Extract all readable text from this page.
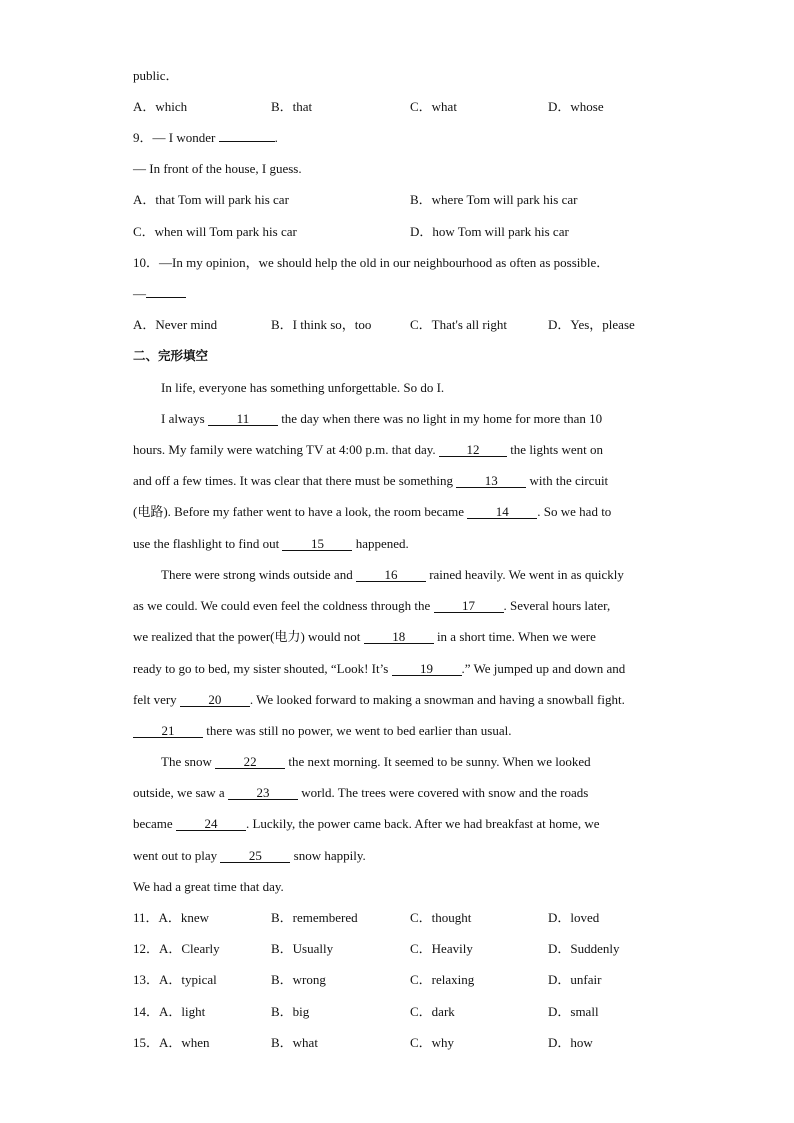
public．
A．which	B．that	C．what	D．whose
9．— I wonder	.
— In front of the house, I guess.
A．that Tom will park his car	B．where Tom will park his car
C．when will Tom park his car	D．how Tom will park his car
10．—In my opinion，we should help the old in our neighbourhood as often as possible．
—
A．Never mind	B．I think so，too	C．That's all right	D．Yes，please
二、完形填空
In life, everyone has something unforgettable. So do I.
I always 11 the day when there was no light in my home for more than 10
hours. My family were watching TV at 4:00 p.m. that day. 12 the lights went on
and off a few times. It was clear that there must be something 13 with the circuit
(电路). Before my father went to have a look, the room became 14 . So we had to
use the flashlight to find out 15 happened.
There were strong winds outside and 16 rained heavily. We went in as quickly
as we could. We could even feel the coldness through the 17 . Several hours later,
we realized that the power(电力) would not 18 in a short time. When we were
ready to go to bed, my sister shouted, “Look! It’s 19 .” We jumped up and down and
felt very 20 . We looked forward to making a snowman and having a snowball fight.
21 there was still no power, we went to bed earlier than usual.
The snow 22 the next morning. It seemed to be sunny. When we looked
outside, we saw a 23 world. The trees were covered with snow and the roads
became 24 . Luckily, the power came back. After we had breakfast at home, we
went out to play 25 snow happily.
We had a great time that day.
11．A．knew	B．remembered	C．thought	D．loved
12．A．Clearly	B．Usually	C．Heavily	D．Suddenly
13．A．typical	B．wrong	C．relaxing	D．unfair
14．A．light	B．big	C．dark	D．small
15．A．when	B．what	C．why	D．how
